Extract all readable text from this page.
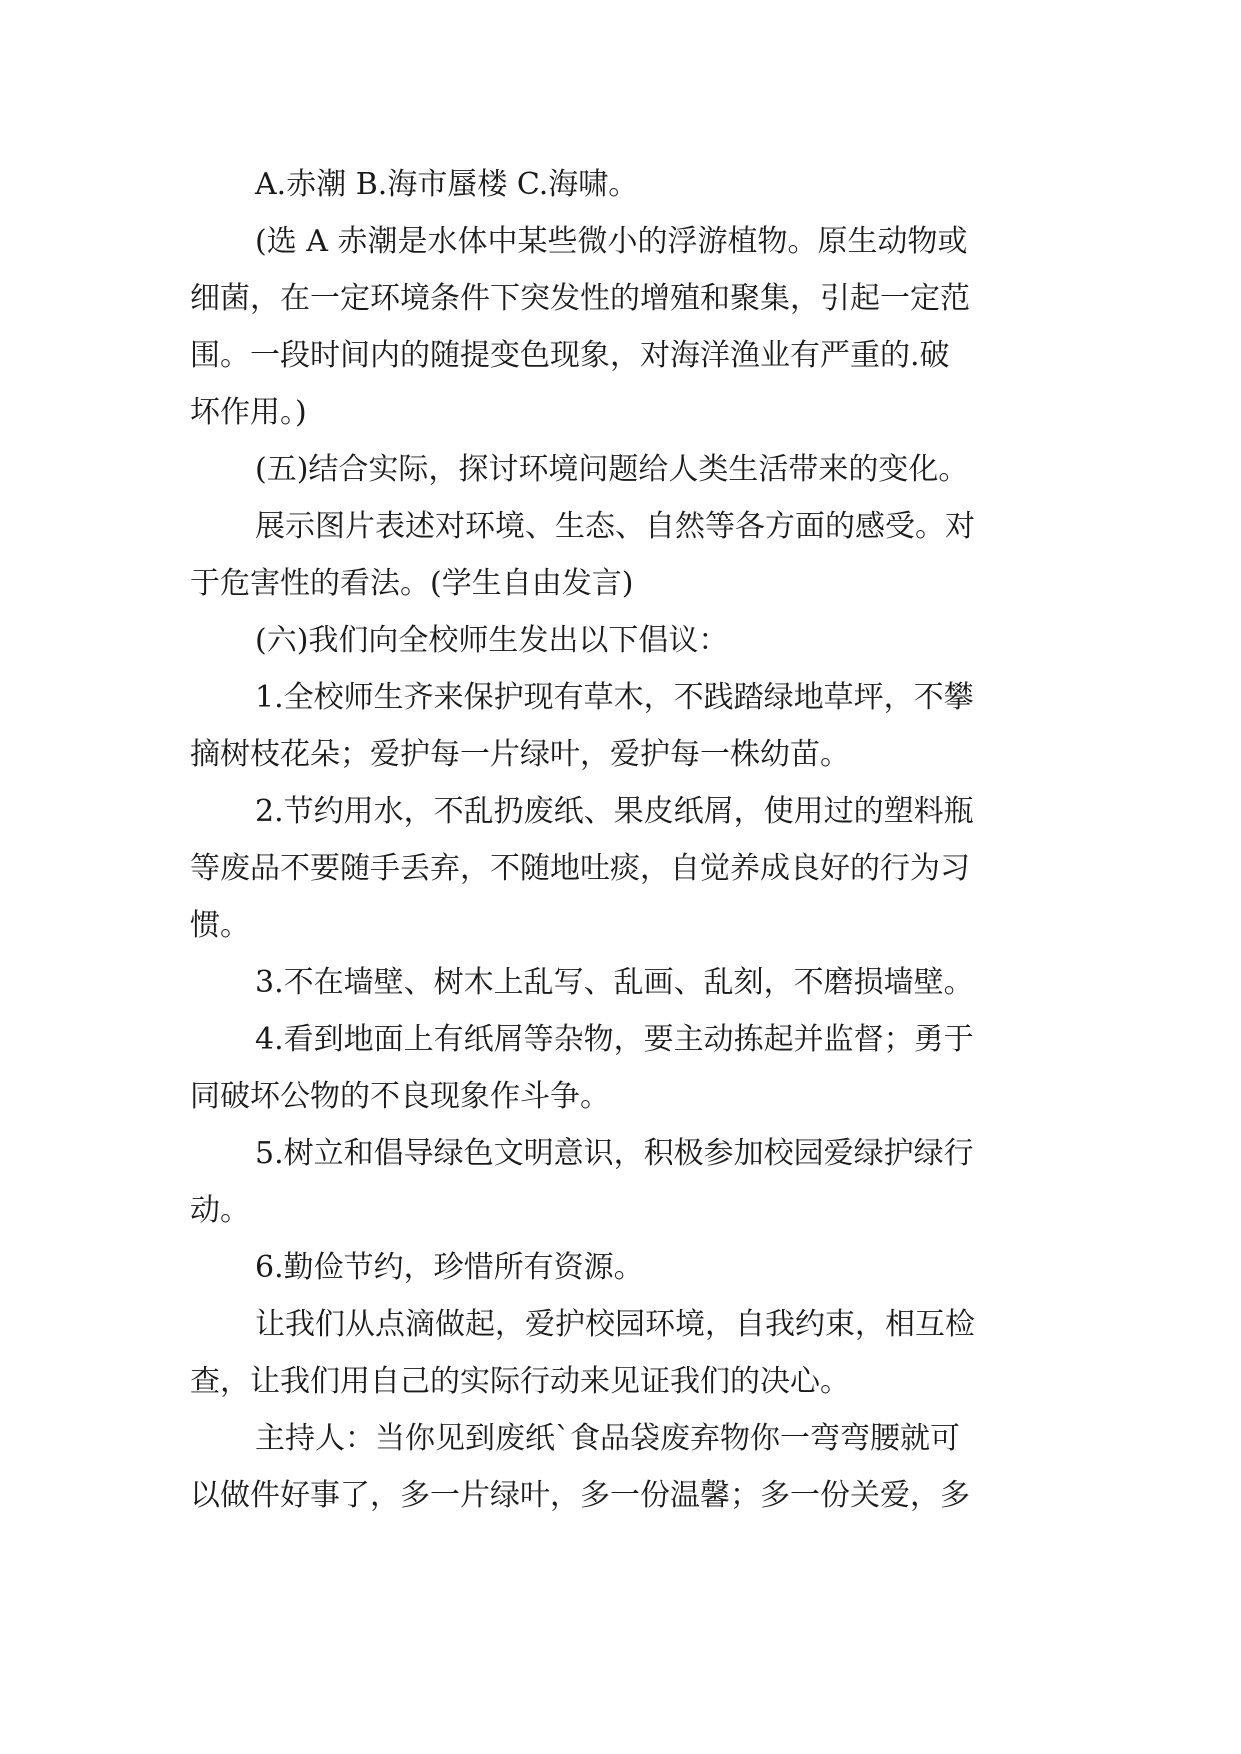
A.赤潮 B.海市蜃楼 C.海啸。
(选 A 赤潮是水体中某些微小的浮游植物。原生动物或
细菌，在一定环境条件下突发性的增殖和聚集，引起一定范
围。一段时间内的随提变色现象，对海洋渔业有严重的.破
坏作用。)
(五)结合实际，探讨环境问题给人类生活带来的变化。
展示图片表述对环境、生态、自然等各方面的感受。对
于危害性的看法。(学生自由发言)
(六)我们向全校师生发出以下倡议：
1.全校师生齐来保护现有草木，不践踏绿地草坪，不攀
摘树枝花朵；爱护每一片绿叶，爱护每一株幼苗。
2.节约用水，不乱扔废纸、果皮纸屑，使用过的塑料瓶
等废品不要随手丢弃，不随地吐痰，自觉养成良好的行为习
惯。
3.不在墙壁、树木上乱写、乱画、乱刻，不磨损墙壁。
4.看到地面上有纸屑等杂物，要主动拣起并监督；勇于
同破坏公物的不良现象作斗争。
5.树立和倡导绿色文明意识，积极参加校园爱绿护绿行
动。
6.勤俭节约，珍惜所有资源。
让我们从点滴做起，爱护校园环境，自我约束，相互检
查，让我们用自己的实际行动来见证我们的决心。
主持人：当你见到废纸`食品袋废弃物你一弯弯腰就可
以做件好事了，多一片绿叶，多一份温馨；多一份关爱，多
